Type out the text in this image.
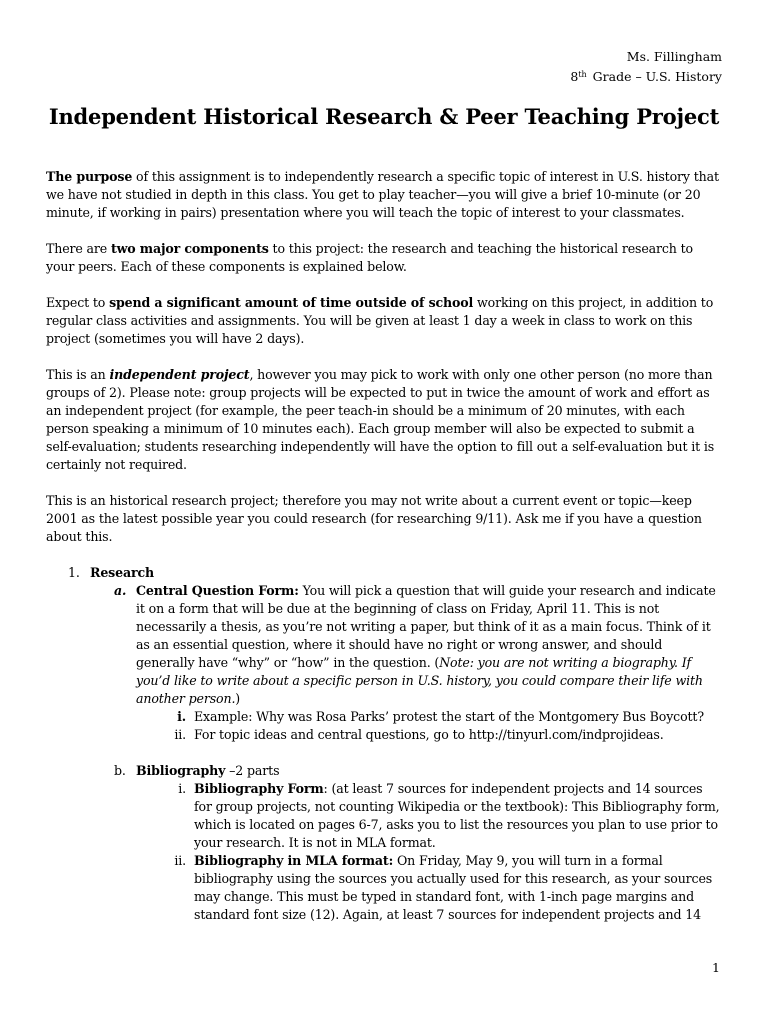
Ms. Fillingham
8th Grade – U.S. History
Independent Historical Research & Peer Teaching Project

The purpose of this assignment is to independently research a specific topic of interest in U.S. history that we have not studied in depth in this class. You get to play teacher—you will give a brief 10-minute (or 20 minute, if working in pairs) presentation where you will teach the topic of interest to your classmates.

There are two major components to this project: the research and teaching the historical research to your peers. Each of these components is explained below.

Expect to spend a significant amount of time outside of school working on this project, in addition to regular class activities and assignments. You will be given at least 1 day a week in class to work on this project (sometimes you will have 2 days).

This is an independent project, however you may pick to work with only one other person (no more than groups of 2). Please note: group projects will be expected to put in twice the amount of work and effort as an independent project (for example, the peer teach-in should be a minimum of 20 minutes, with each person speaking a minimum of 10 minutes each). Each group member will also be expected to submit a self-evaluation; students researching independently will have the option to fill out a self-evaluation but it is certainly not required.

This is an historical research project; therefore you may not write about a current event or topic—keep 2001 as the latest possible year you could research (for researching 9/11). Ask me if you have a question about this.

1. Research
a. Central Question Form: You will pick a question that will guide your research and indicate it on a form that will be due at the beginning of class on Friday, April 11. This is not necessarily a thesis, as you’re not writing a paper, but think of it as a main focus. Think of it as an essential question, where it should have no right or wrong answer, and should generally have “why” or “how” in the question. (Note: you are not writing a biography. If you’d like to write about a specific person in U.S. history, you could compare their life with another person.)
i. Example: Why was Rosa Parks’ protest the start of the Montgomery Bus Boycott?
ii. For topic ideas and central questions, go to http://tinyurl.com/indprojideas.
b. Bibliography –2 parts
i. Bibliography Form: (at least 7 sources for independent projects and 14 sources for group projects, not counting Wikipedia or the textbook): This Bibliography form, which is located on pages 6-7, asks you to list the resources you plan to use prior to your research. It is not in MLA format.
ii. Bibliography in MLA format: On Friday, May 9, you will turn in a formal bibliography using the sources you actually used for this research, as your sources may change. This must be typed in standard font, with 1-inch page margins and standard font size (12). Again, at least 7 sources for independent projects and 14
1
